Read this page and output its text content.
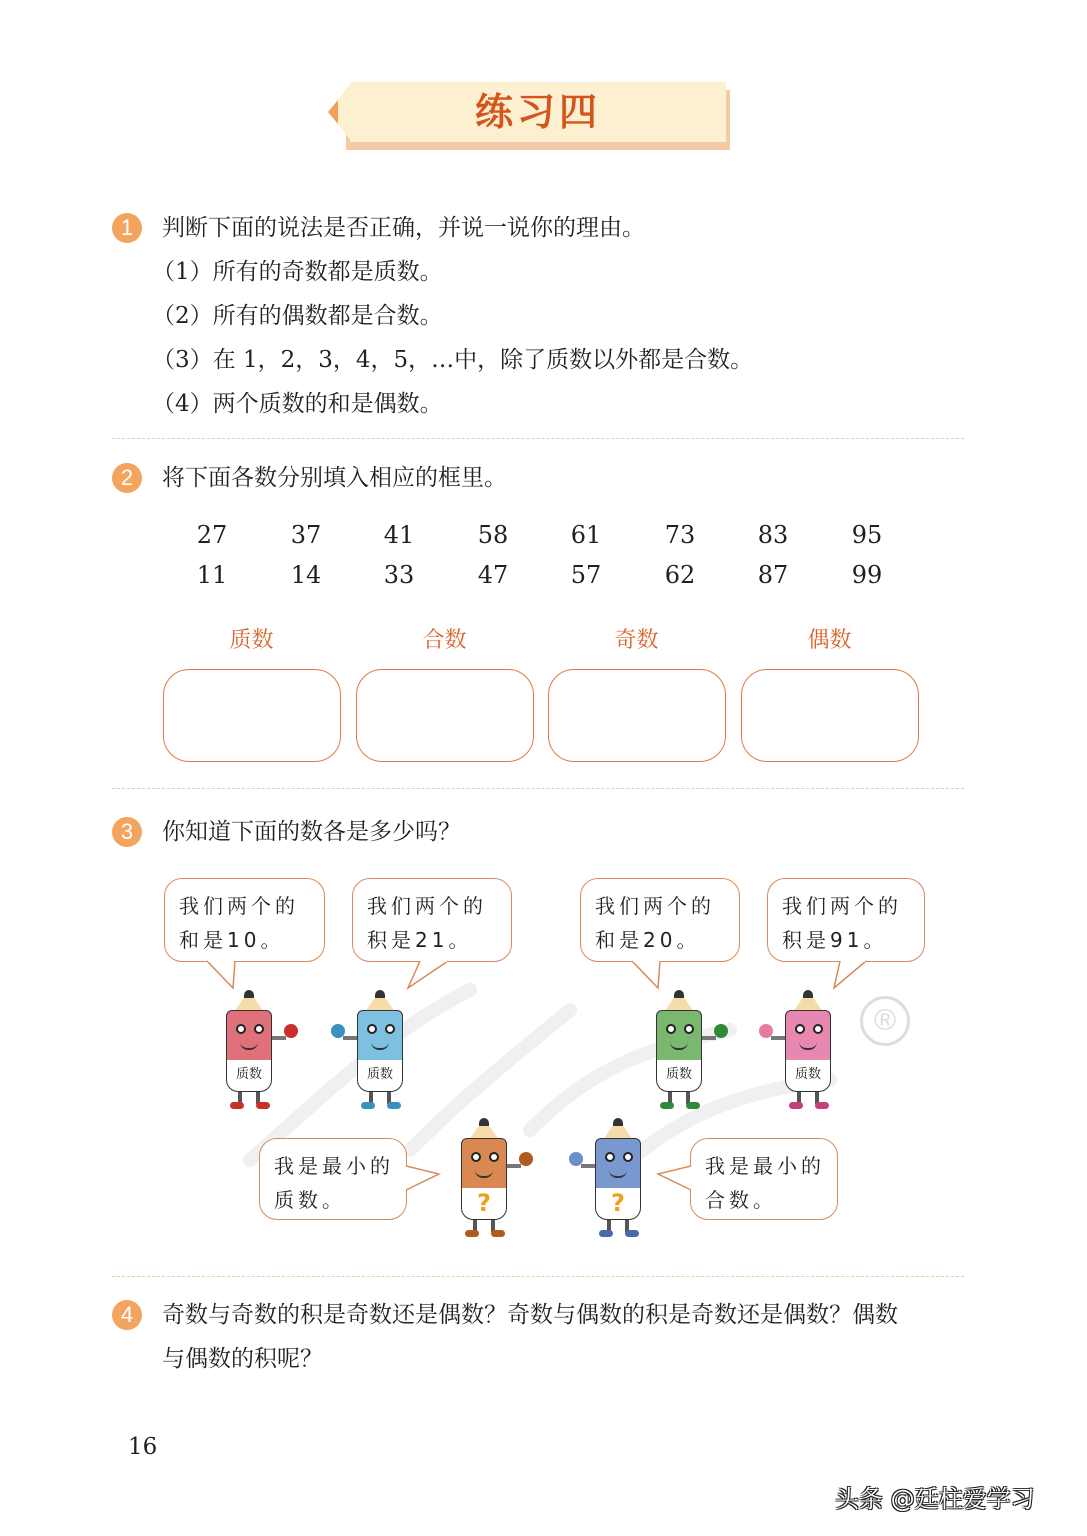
练习四
1	判断下面的说法是否正确，并说一说你的理由。
（1）所有的奇数都是质数。
（2）所有的偶数都是合数。
（3）在 1，2，3，4，5，…中，除了质数以外都是合数。
（4）两个质数的和是偶数。
2	将下面各数分别填入相应的框里。
27	37	41	58	61	73	83	95
11	14	33	47	57	62	87	99
质数	合数	奇数	偶数
3	你知道下面的数各是多少吗？
®
我们两个的
和是10。
我们两个的
积是21。
我们两个的
和是20。
我们两个的
积是91。
质数	质数	质数	质数
我是最小的
质数。
我是最小的
合数。
?	?
4	奇数与奇数的积是奇数还是偶数？奇数与偶数的积是奇数还是偶数？偶数
与偶数的积呢？
16
头条 @廷柱爱学习
